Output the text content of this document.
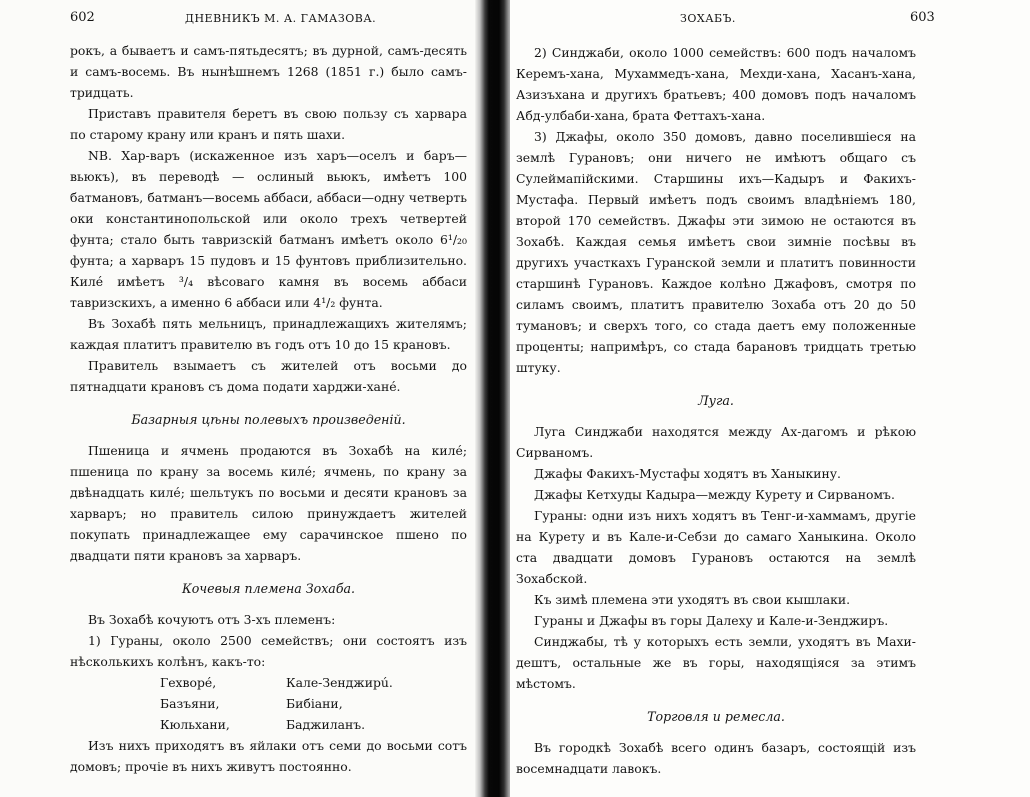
602	ДНЕВНИКЪ М. А. ГАМАЗОВА.

рокъ, а бываетъ и самъ-пятьдесятъ; въ дурной, самъ-десять и самъ-восемь. Въ нынѣшнемъ 1268 (1851 г.) было самъ-тридцать.

Приставъ правителя беретъ въ свою пользу съ харвара по старому крану или кранъ и пять шахи.

NB. Хар-варъ (искаженное изъ харъ—оселъ и баръ—вьюкъ), въ переводѣ — ослиный вьюкъ, имѣетъ 100 батмановъ, батманъ—восемь аббаси, аббаси—одну четверть оки константинопольской или около трехъ четвертей фунта; стало быть тавризскій батманъ имѣетъ около 6¹/₂₀ фунта; а харваръ 15 пудовъ и 15 фунтовъ приблизительно. Килé имѣетъ ³/₄ вѣсоваго камня въ восемь аббаси тавризскихъ, а именно 6 аббаси или 4¹/₂ фунта.

Въ Зохабѣ пять мельницъ, принадлежащихъ жителямъ; каждая платитъ правителю въ годъ отъ 10 до 15 крановъ.

Правитель взымаетъ съ жителей отъ восьми до пятнадцати крановъ съ дома подати харджи-ханé.

Базарныя цѣны полевыхъ произведеній.

Пшеница и ячмень продаются въ Зохабѣ на килé; пшеница по крану за восемь килé; ячмень, по крану за двѣнадцать килé; шельтукъ по восьми и десяти крановъ за харваръ; но правитель силою принуждаетъ жителей покупать принадлежащее ему сарачинское пшено по двадцати пяти крановъ за харваръ.

Кочевыя племена Зохаба.

Въ Зохабѣ кочуютъ отъ 3-хъ племенъ:

1) Гураны, около 2500 семействъ; они состоятъ изъ нѣсколькихъ колѣнъ, какъ-то:

Гехворé,	Кале-Зенджирú.
Базъяни,	Бибіани,
Кюльхани,	Баджиланъ.

Изъ нихъ приходятъ въ яйлаки отъ семи до восьми сотъ домовъ; прочіе въ нихъ живутъ постоянно.

ЗОХАБЪ.	603

2) Синджаби, около 1000 семействъ: 600 подъ началомъ Керемъ-хана, Мухаммедъ-хана, Мехди-хана, Хасанъ-хана, Азизъхана и другихъ братьевъ; 400 домовъ подъ началомъ Абд-улбаби-хана, брата Феттахъ-хана.

3) Джафы, около 350 домовъ, давно поселившіеся на землѣ Гурановъ; они ничего не имѣютъ общаго съ Сулеймапійскими. Старшины ихъ—Кадыръ и Факихъ-Мустафа. Первый имѣетъ подъ своимъ владѣніемъ 180, второй 170 семействъ. Джафы эти зимою не остаются въ Зохабѣ. Каждая семья имѣетъ свои зимніе посѣвы въ другихъ участкахъ Гуранской земли и платитъ повинности старшинѣ Гурановъ. Каждое колѣно Джафовъ, смотря по силамъ своимъ, платитъ правителю Зохаба отъ 20 до 50 тумановъ; и сверхъ того, со стада даетъ ему положенные проценты; напримѣръ, со стада барановъ тридцать третью штуку.

Луга.

Луга Синджаби находятся между Ах-дагомъ и рѣкою Сирваномъ.

Джафы Факихъ-Мустафы ходятъ въ Ханыкину.

Джафы Кетхуды Кадыра—между Курету и Сирваномъ.

Гураны: одни изъ нихъ ходятъ въ Тенг-и-хаммамъ, другіе на Курету и въ Кале-и-Себзи до самаго Ханыкина. Около ста двадцати домовъ Гурановъ остаются на землѣ Зохабской.

Къ зимѣ племена эти уходятъ въ свои кышлаки.

Гураны и Джафы въ горы Далеху и Кале-и-Зенджиръ.

Синджабы, тѣ у которыхъ есть земли, уходятъ въ Махи-дештъ, остальные же въ горы, находящіяся за этимъ мѣстомъ.

Торговля и ремесла.

Въ городкѣ Зохабѣ всего одинъ базаръ, состоящій изъ восемнадцати лавокъ.
